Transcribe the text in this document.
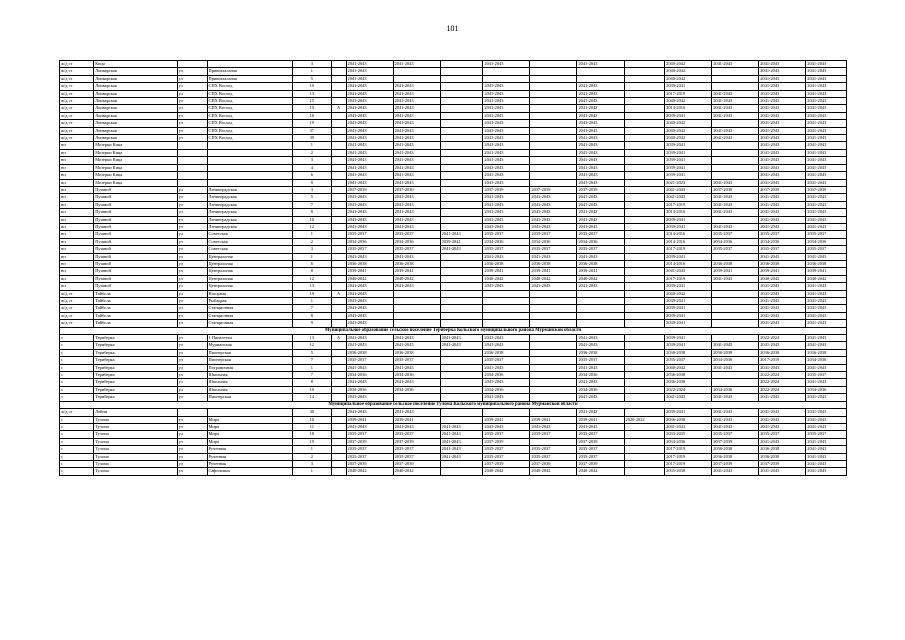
101
ж/д ст	Кица			3		2041-2043	2041-2043		2041-2043		2041-2043		2040-2042	2041-2043	2041-2043	2041-2043
ж/д ст	Лоиварская	ул	Привокзальная	1		2041-2043							2040-2042		2041-2043	2041-2043
ж/д ст	Лоиварская	ул	Привокзальная	5		2041-2043							2040-2042		2041-2043	2041-2043
ж/д ст	Лоиварская	ул	СПХ Восход	10		2041-2043	2041-2043		2041-2043		2041-2043		2039-2041		2041-2043	2041-2043
ж/д ст	Лоиварская	ул	СПХ Восход	13		2041-2043	2041-2043		2041-2043		2041-2043		2017-2019	2041-2043	2041-2043	2041-2043
ж/д ст	Лоиварская	ул	СПХ Восход	15		2041-2043	2041-2043		2041-2043		2041-2043		2040-2042	2041-2043	2041-2043	2041-2043
ж/д ст	Лоиварская	ул	СПХ Восход	15	А	2041-2043	2041-2043		2041-2043		2041-2043		2014-2016	2041-2043	2041-2043	2041-2043
ж/д ст	Лоиварская	ул	СПХ Восход	16		2041-2043	2041-2043		2041-2043		2041-2043		2039-2041	2041-2043	2041-2043	2041-2043
ж/д ст	Лоиварская	ул	СПХ Восход	19		2041-2043	2041-2043		2041-2043		2041-2043		2040-2042		2041-2043	2041-2043
ж/д ст	Лоиварская	ул	СПХ Восход	37		2041-2043	2041-2043		2041-2043		2041-2043		2040-2042	2041-2043	2041-2043	2041-2043
ж/д ст	Лоиварская	ул	СПХ Восход	39		2041-2043	2041-2043		2041-2043		2041-2043		2040-2042	2041-2043	2041-2043	2041-2043
нп	Мозерки Кица			1		2041-2043	2041-2043		2041-2043		2041-2043		2039-2041		2041-2043	2041-2043
нп	Мозерки Кица			2		2041-2043	2041-2043		2041-2043		2041-2043		2039-2041		2041-2043	2041-2043
нп	Мозерки Кица			3		2041-2043	2041-2043		2041-2043		2041-2043		2039-2041		2041-2043	2041-2043
нп	Мозерки Кица			4		2041-2043	2041-2043		2041-2043		2041-2043		2039-2041		2041-2043	2041-2043
нп	Мозерки Кица			6		2041-2043	2041-2043		2041-2043		2041-2043		2039-2041		2041-2043	2041-2043
нп	Мозерки Кица			9		2041-2043	2041-2043		2041-2043		2041-2043		2021-2023	2041-2043	2041-2043	2041-2043
нп	Пушной	ул	Ленинградская	3		2037-2039	2037-2039		2037-2039	2037-2039	2037-2039		2041-2043	2037-2039	2037-2039	2037-2039
нп	Пушной	ул	Ленинградская	5		2041-2043	2041-2043		2041-2043	2041-2043	2041-2043		2041-2043	2041-2043	2041-2043	2041-2043
нп	Пушной	ул	Ленинградская	7		2041-2043	2041-2043		2041-2043	2041-2043	2041-2043		2017-2019	2041-2043	2041-2043	2041-2043
нп	Пушной	ул	Ленинградская	8		2041-2043	2041-2043		2041-2043	2041-2043	2041-2043		2014-2016	2041-2043	2041-2043	2041-2043
нп	Пушной	ул	Ленинградская	10		2041-2043	2041-2043		2041-2043	2041-2043	2041-2043		2039-2041		2041-2043	2041-2043
нп	Пушной	ул	Ленинградская	12		2041-2043	2041-2043		2041-2043	2041-2043	2041-2043		2039-2041	2041-2043	2041-2043	2041-2043
нп	Пушной	ул	Советская	1		2035-2037	2035-2037	2041-2043	2035-2037	2035-2037	2035-2037		2014-2016	2035-2037	2035-2037	2035-2037
нп	Пушной	ул	Советская	2		2034-2036	2034-2036	2039-2041	2034-2036	2034-2036	2034-2036		2014-2016	2034-2036	2034-2036	2034-2036
нп	Пушной	ул	Советская	3		2035-2037	2035-2037	2041-2043	2035-2037	2035-2037	2035-2037		2017-2019	2035-2037	2035-2037	2035-2037
нп	Пушной	ул	Центральная	1		2041-2043	2041-2043		2041-2043	2041-2043	2041-2043		2039-2041		2041-2043	2041-2043
нп	Пушной	ул	Центральная	6		2036-2038	2036-2038		2036-2038	2036-2038	2036-2038		2014-2016	2036-2038	2036-2038	2036-2038
нп	Пушной	ул	Центральная	8		2039-2041	2039-2041		2039-2041	2039-2041	2039-2041		2041-2043	2039-2041	2039-2041	2039-2041
нп	Пушной	ул	Центральная	12		2040-2042	2040-2042		2040-2042	2040-2042	2040-2042		2017-2019	2041-2043	2040-2042	2040-2042
нп	Пушной	ул	Центральная	13		2041-2043	2041-2043		2041-2043	2041-2043	2041-2043		2039-2041		2041-2043	2041-2043
ж/д ст	Тайбола	ул	Нагорная	19	А	2041-2043							2040-2042		2041-2043	2041-2043
ж/д ст	Тайбола	ул	Рыбацкая	1		2041-2043							2039-2041		2041-2043	2041-2043
ж/д ст	Тайбола	ул	Станционная	7		2041-2043							2039-2041		2041-2043	2041-2043
ж/д ст	Тайбола	ул	Станционная	8		2041-2043							2039-2041		2041-2043	2041-2043
ж/д ст	Тайбола	ул	Станционная	9		2041-2043							2039-2041		2041-2043	2041-2043
Муниципальное образование сельское поселение Териберка Кольского муниципального района Мурманской области																
с	Териберка	ул	1 Пятилетки	13	А	2041-2043	2041-2043	2041-2043	2041-2043		2041-2043		2039-2041		2022-2024	2041-2043
с	Териберка	ул	Мурманская	12		2041-2043	2041-2043	2041-2043	2041-2043		2041-2043		2039-2041	2041-2043	2041-2043	2041-2043
с	Териберка	ул	Пионерская	5		2036-2038	2036-2038		2036-2038		2036-2038		2036-2038	2036-2038	2036-2038	2036-2038
с	Териберка	ул	Пионерская	7		2035-2037	2035-2037		2035-2037		2035-2037		2035-2037	2034-2036	2017-2019	2034-2036
с	Териберка	ул	Пограничная	1		2041-2043	2041-2043		2041-2043		2041-2043		2040-2042	2041-2043	2041-2043	2041-2043
с	Териберка	ул	Школьная	7		2034-2036	2034-2036		2034-2036		2034-2036		2036-2038		2022-2024	2035-2037
с	Териберка	ул	Школьная	8		2041-2043	2041-2043		2041-2043		2041-2043		2036-2038		2022-2024	2041-2043
с	Териберка	ул	Школьная	10		2034-2036	2034-2036		2034-2036		2034-2036		2022-2024	2034-2036	2022-2024	2034-2036
с	Териберка	ул	Пионерская	14		2041-2043			2041-2043		2041-2043		2041-2043	2041-2043	2041-2043	2041-2043
Муниципальное образование сельское поселение Тулома Кольского муниципального района Мурманской области																
ж/д ст	Лейпи			30		2041-2043	2041-2043				2041-2043		2039-2041	2041-2043	2041-2043	2041-2043
с	Тулома	ул	Мира	10		2039-2041	2039-2041		2039-2041	2039-2041	2039-2041	2020-2022	2036-2038	2041-2043	2041-2043	2041-2043
с	Тулома	ул	Мира	11		2041-2043	2041-2043	2041-2043	2041-2043	2041-2043	2041-2043		2041-2043	2041-2043	2041-2043	2041-2043
с	Тулома	ул	Мира	18		2035-2037	2035-2037	2041-2043	2035-2037	2035-2037	2035-2037		2033-2035	2035-2037	2035-2037	2035-2037
с	Тулома	ул	Мира	19		2037-2039	2037-2039	2041-2043	2037-2039		2037-2039		2034-2036	2037-2039	2041-2043	2041-2043
с	Тулома	ул	Рученная	1		2035-2037	2035-2037	2041-2043	2035-2037	2035-2037	2035-2037		2017-2019	2036-2038	2036-2038	2041-2043
с	Тулома	ул	Рученная	2		2035-2037	2035-2037	2041-2043	2035-2037	2035-2037	2035-2037		2017-2019	2036-2038	2036-2038	2041-2043
с	Тулома	ул	Рученная	3		2037-2039	2037-2039		2037-2039	2037-2039	2037-2039		2017-2019	2037-2039	2037-2039	2041-2043
с	Тулома	ул	Сафоновых	1		2040-2042	2040-2042		2040-2042	2040-2042	2040-2042		2035-2038	2041-2043	2041-2043	2041-2043
